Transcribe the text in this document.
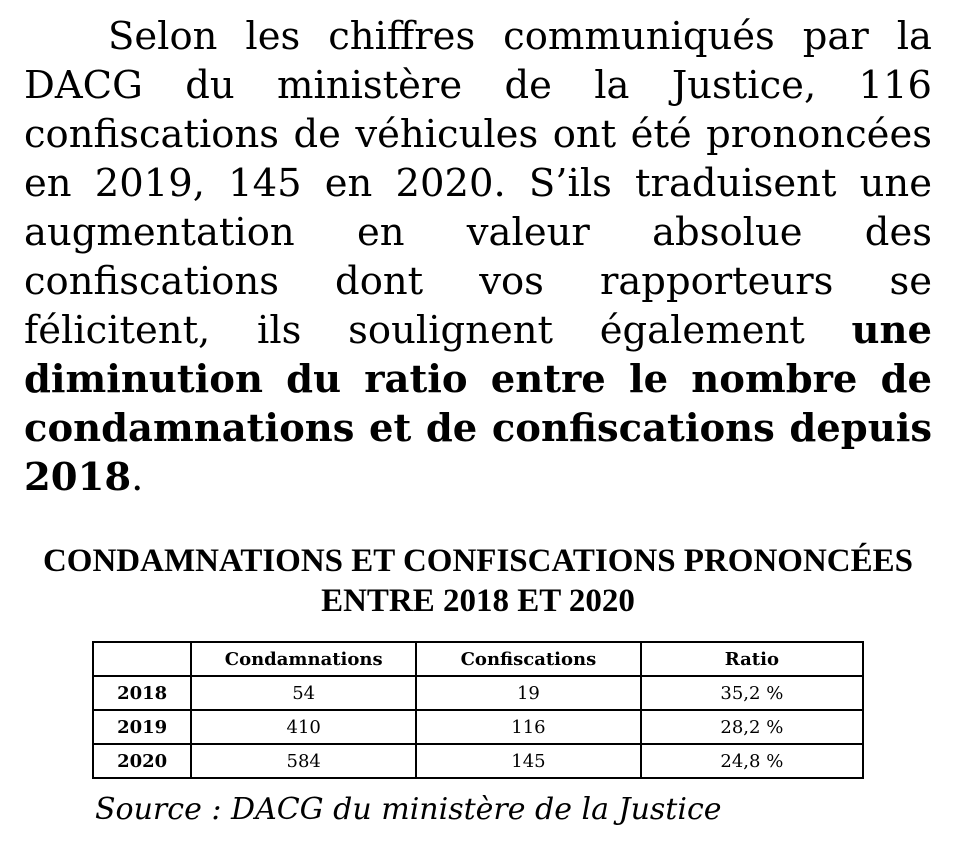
Selon les chiffres communiqués par la DACG du ministère de la Justice, 116 confiscations de véhicules ont été prononcées en 2019, 145 en 2020. S’ils traduisent une augmentation en valeur absolue des confiscations dont vos rapporteurs se félicitent, ils soulignent également une diminution du ratio entre le nombre de condamnations et de confiscations depuis 2018.

CONDAMNATIONS ET CONFISCATIONS PRONONCÉES
ENTRE 2018 ET 2020
	Condamnations	Confiscations	Ratio
2018	54	19	35,2 %
2019	410	116	28,2 %
2020	584	145	24,8 %

Source : DACG du ministère de la Justice
